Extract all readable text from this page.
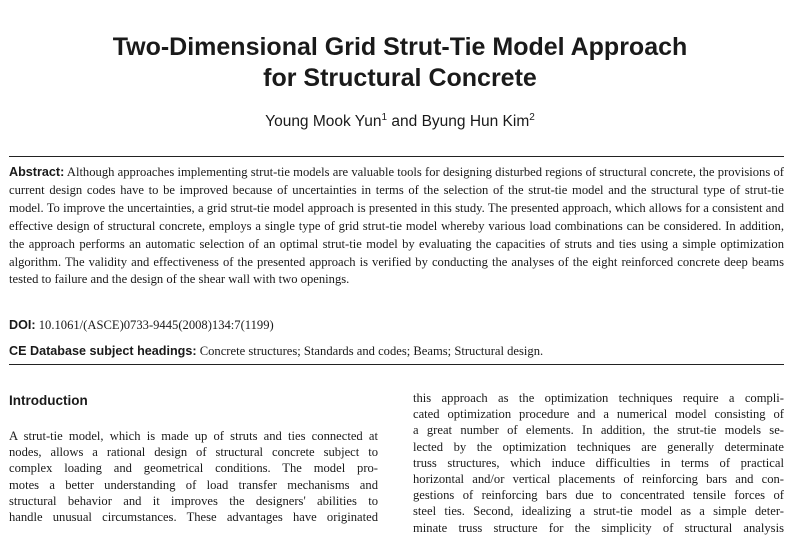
Two-Dimensional Grid Strut-Tie Model Approach
for Structural Concrete
Young Mook Yun$^1$ and Byung Hun Kim$^2$
Abstract: Although approaches implementing strut-tie models are valuable tools for designing disturbed regions of structural concrete, the provisions of current design codes have to be improved because of uncertainties in terms of the selection of the strut-tie model and the structural type of strut-tie model. To improve the uncertainties, a grid strut-tie model approach is presented in this study. The presented approach, which allows for a consistent and effective design of structural concrete, employs a single type of grid strut-tie model whereby various load combinations can be considered. In addition, the approach performs an automatic selection of an optimal strut-tie model by evaluating the capacities of struts and ties using a simple optimization algorithm. The validity and effectiveness of the presented approach is verified by conducting the analyses of the eight reinforced concrete deep beams tested to failure and the design of the shear wall with two openings.
DOI: 10.1061/(ASCE)0733-9445(2008)134:7(1199)
CE Database subject headings: Concrete structures; Standards and codes; Beams; Structural design.
Introduction
A strut-tie model, which is made up of struts and ties connected at
nodes, allows a rational design of structural concrete subject to
complex loading and geometrical conditions. The model pro-
motes a better understanding of load transfer mechanisms and
structural behavior and it improves the designers' abilities to
handle unusual circumstances. These advantages have originated
this approach as the optimization techniques require a compli-
cated optimization procedure and a numerical model consisting of
a great number of elements. In addition, the strut-tie models se-
lected by the optimization techniques are generally determinate
truss structures, which induce difficulties in terms of practical
horizontal and/or vertical placements of reinforcing bars and con-
gestions of reinforcing bars due to concentrated tensile forces of
steel ties. Second, idealizing a strut-tie model as a simple deter-
minate truss structure for the simplicity of structural analysis
